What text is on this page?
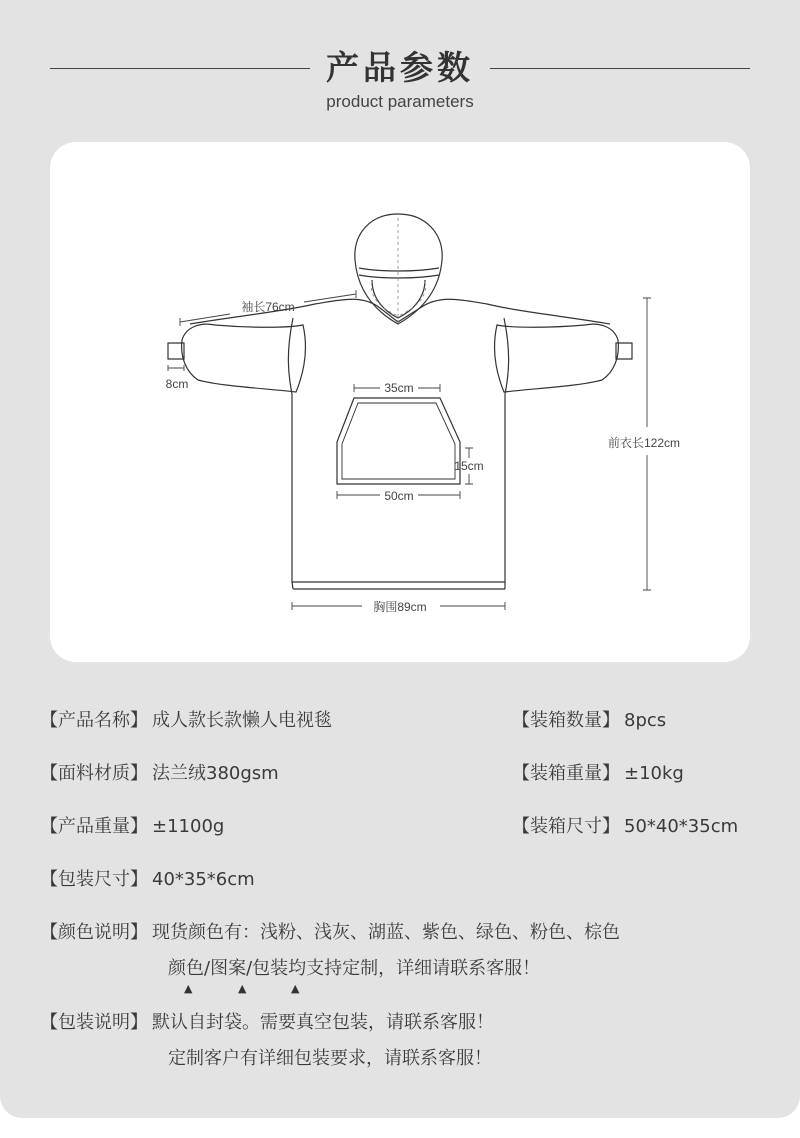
产品参数
product parameters
袖长76cm
8cm	35cm
15cm
50cm
前衣长122cm
胸围89cm
【产品名称】 成人款长款懒人电视毯
【面料材质】 法兰绒380gsm
【产品重量】 ±1100g
【包装尺寸】 40*35*6cm
【装箱数量】 8pcs
【装箱重量】 ±10kg
【装箱尺寸】 50*40*35cm
【颜色说明】 现货颜色有：浅粉、浅灰、湖蓝、紫色、绿色、粉色、棕色
颜色/图案/包装均支持定制，详细请联系客服！
▲	▲	▲
【包装说明】 默认自封袋。需要真空包装，请联系客服！
定制客户有详细包装要求，请联系客服！
